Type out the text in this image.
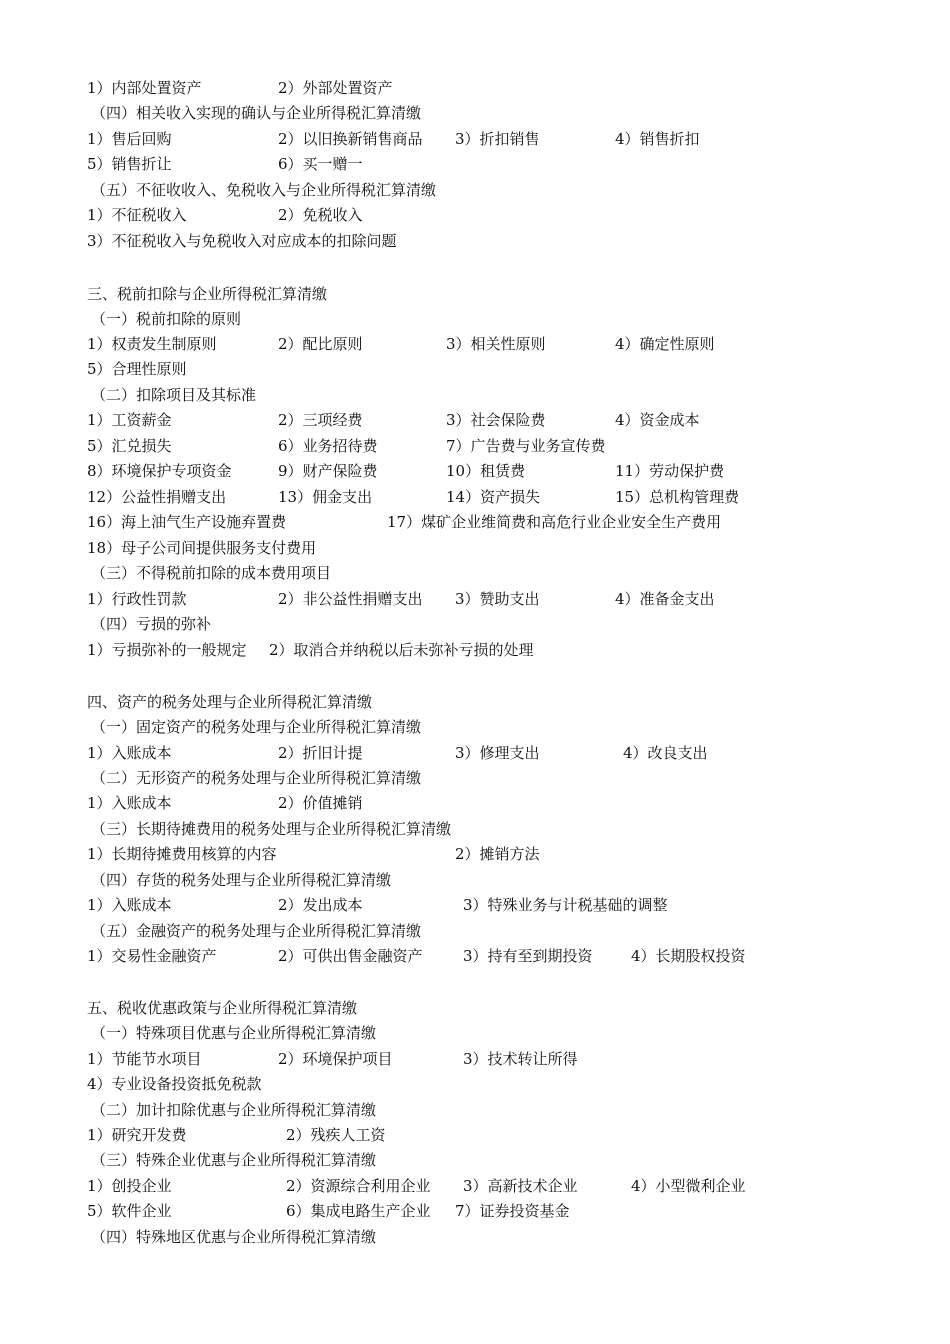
1）内部处置资产	2）外部处置资产
（四）相关收入实现的确认与企业所得税汇算清缴
1）售后回购	2）以旧换新销售商品 3）折扣销售	4）销售折扣
5）销售折让	6）买一赠一
（五）不征收收入、免税收入与企业所得税汇算清缴
1）不征税收入	2）免税收入
3）不征税收入与免税收入对应成本的扣除问题
三、税前扣除与企业所得税汇算清缴
（一）税前扣除的原则
1）权责发生制原则	2）配比原则	3）相关性原则	4）确定性原则
5）合理性原则
（二）扣除项目及其标准
1）工资薪金	2）三项经费	3）社会保险费	4）资金成本
5）汇兑损失	6）业务招待费	7）广告费与业务宣传费
8）环境保护专项资金	9）财产保险费	10）租赁费	11）劳动保护费
12）公益性捐赠支出	13）佣金支出	14）资产损失	15）总机构管理费
16）海上油气生产设施弃置费	17）煤矿企业维简费和高危行业企业安全生产费用
18）母子公司间提供服务支付费用
（三）不得税前扣除的成本费用项目
1）行政性罚款	2）非公益性捐赠支出 3）赞助支出	4）准备金支出
（四）亏损的弥补
1）亏损弥补的一般规定 2）取消合并纳税以后未弥补亏损的处理
四、资产的税务处理与企业所得税汇算清缴
（一）固定资产的税务处理与企业所得税汇算清缴
1）入账成本	2）折旧计提	3）修理支出	4）改良支出
（二）无形资产的税务处理与企业所得税汇算清缴
1）入账成本	2）价值摊销
（三）长期待摊费用的税务处理与企业所得税汇算清缴
1）长期待摊费用核算的内容	2）摊销方法
（四）存货的税务处理与企业所得税汇算清缴
1）入账成本	2）发出成本	3）特殊业务与计税基础的调整
（五）金融资产的税务处理与企业所得税汇算清缴
1）交易性金融资产	2）可供出售金融资产	3）持有至到期投资	4）长期股权投资
五、税收优惠政策与企业所得税汇算清缴
（一）特殊项目优惠与企业所得税汇算清缴
1）节能节水项目	2）环境保护项目	3）技术转让所得
4）专业设备投资抵免税款
（二）加计扣除优惠与企业所得税汇算清缴
1）研究开发费	2）残疾人工资
（三）特殊企业优惠与企业所得税汇算清缴
1）创投企业	2）资源综合利用企业 3）高新技术企业	4）小型微利企业
5）软件企业	6）集成电路生产企业 7）证券投资基金
（四）特殊地区优惠与企业所得税汇算清缴
